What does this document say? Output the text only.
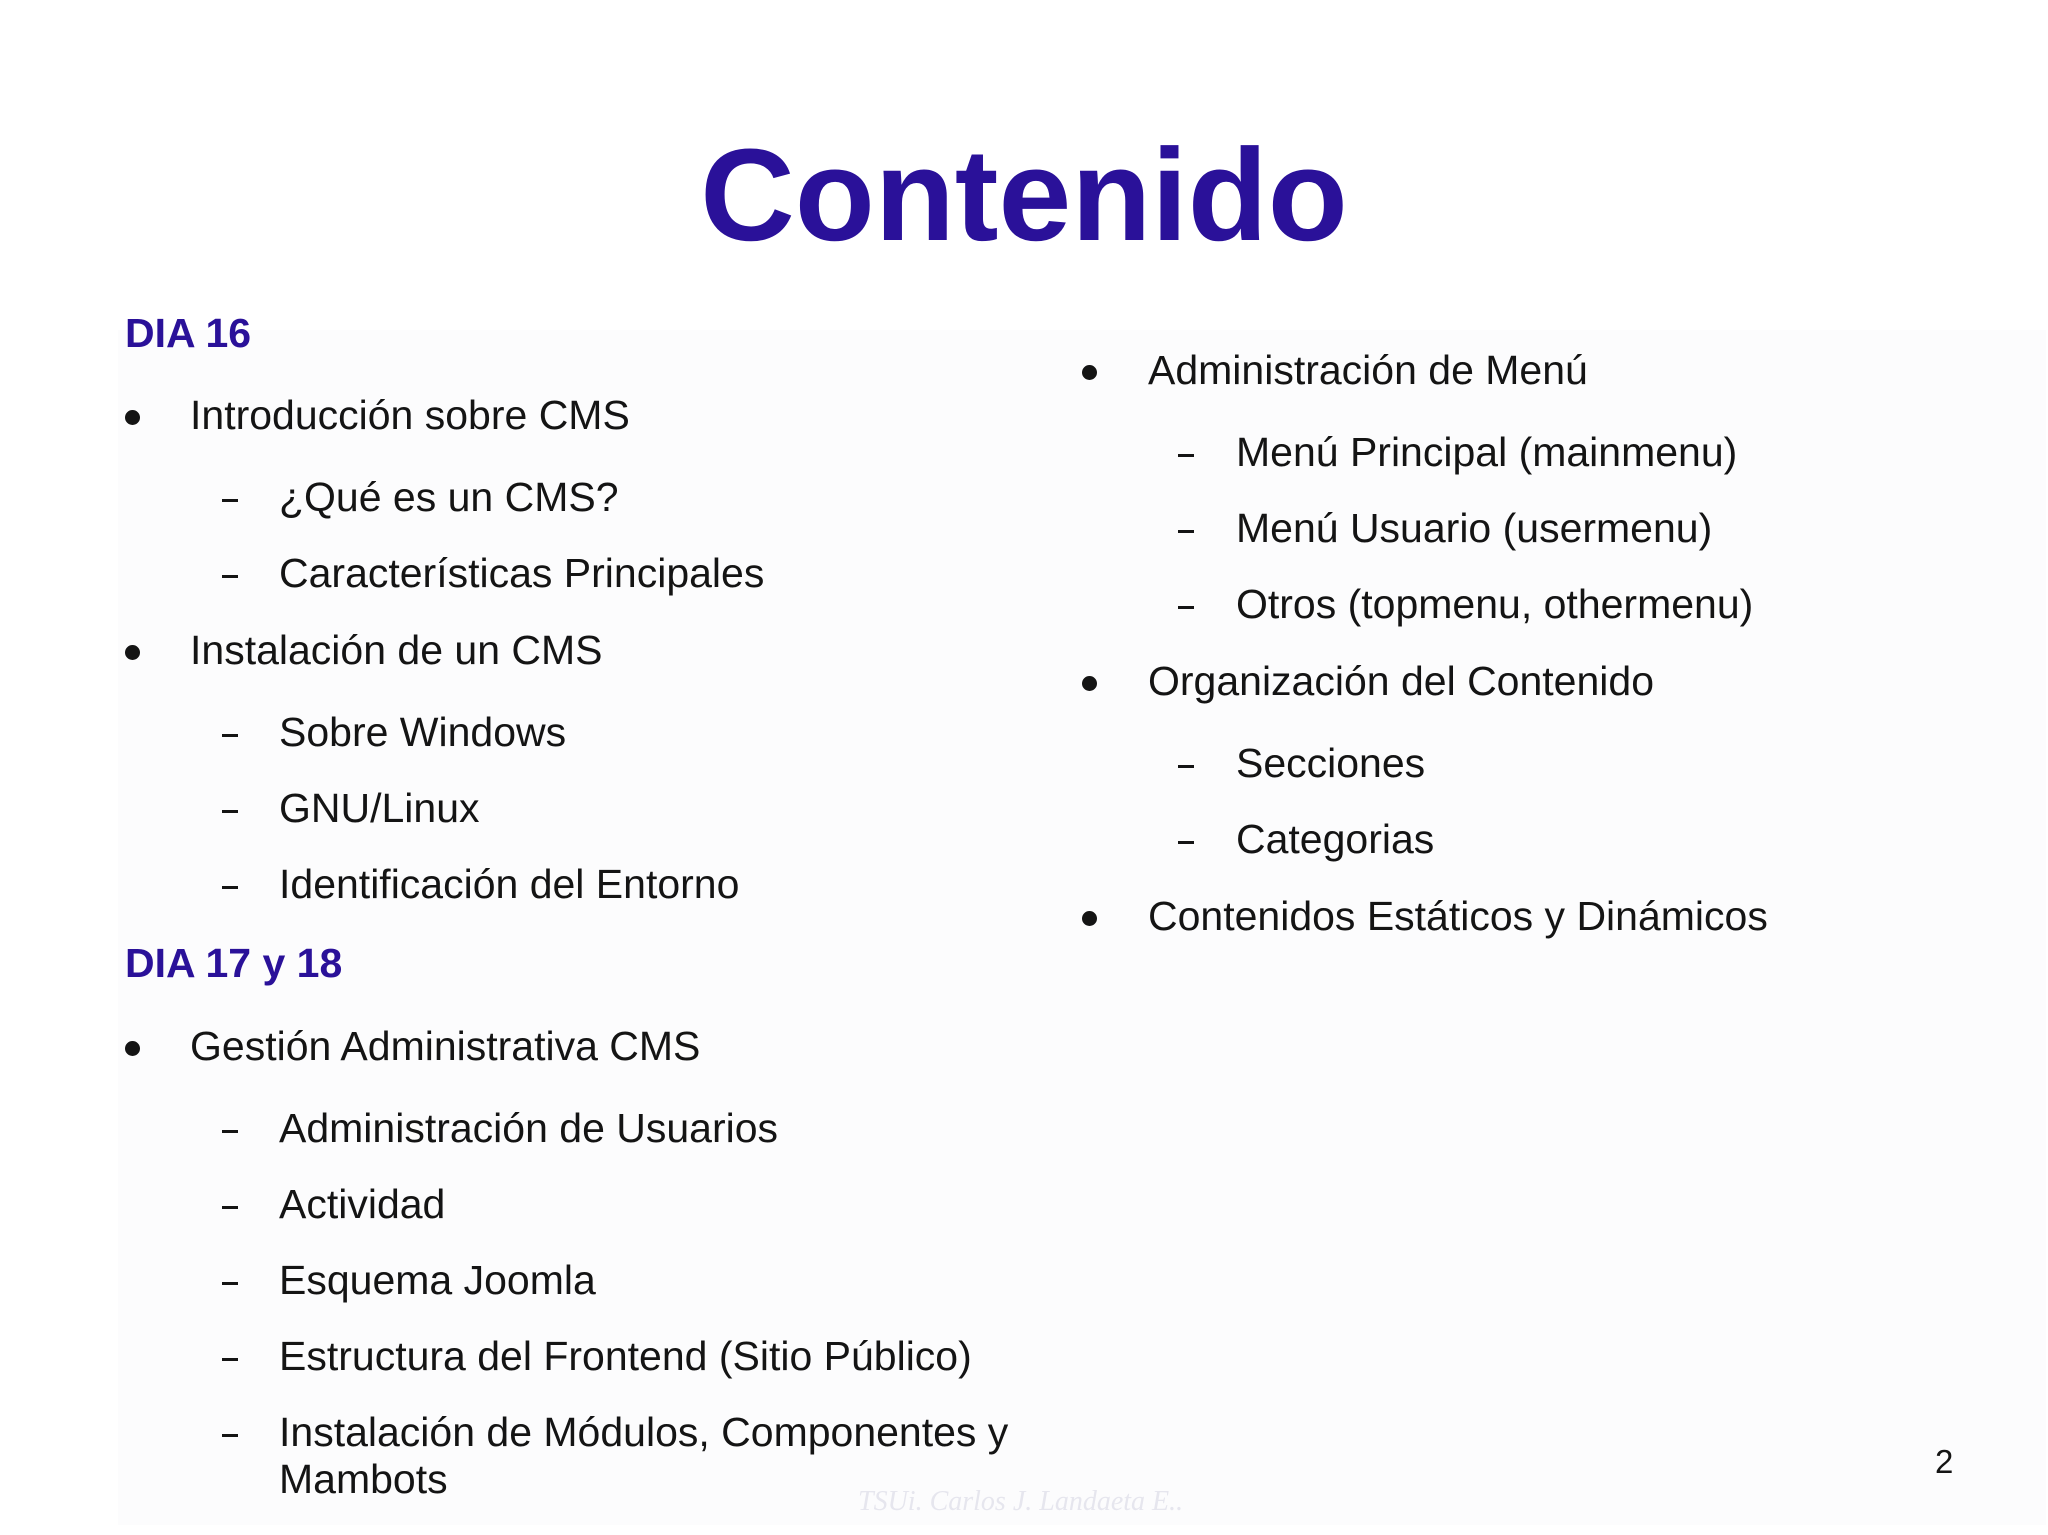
Contenido
DIA 16
Introducción sobre CMS
¿Qué es un CMS?
Características Principales
Instalación de un CMS
Sobre Windows
GNU/Linux
Identificación del Entorno
DIA 17 y 18
Gestión Administrativa CMS
Administración de Usuarios
Actividad
Esquema Joomla
Estructura del Frontend (Sitio Público)
Instalación de Módulos, Componentes y
Mambots
Administración de Menú
Menú Principal (mainmenu)
Menú Usuario (usermenu)
Otros (topmenu, othermenu)
Organización del Contenido
Secciones
Categorias
Contenidos Estáticos y Dinámicos
2
TSUi. Carlos J. Landaeta E..
